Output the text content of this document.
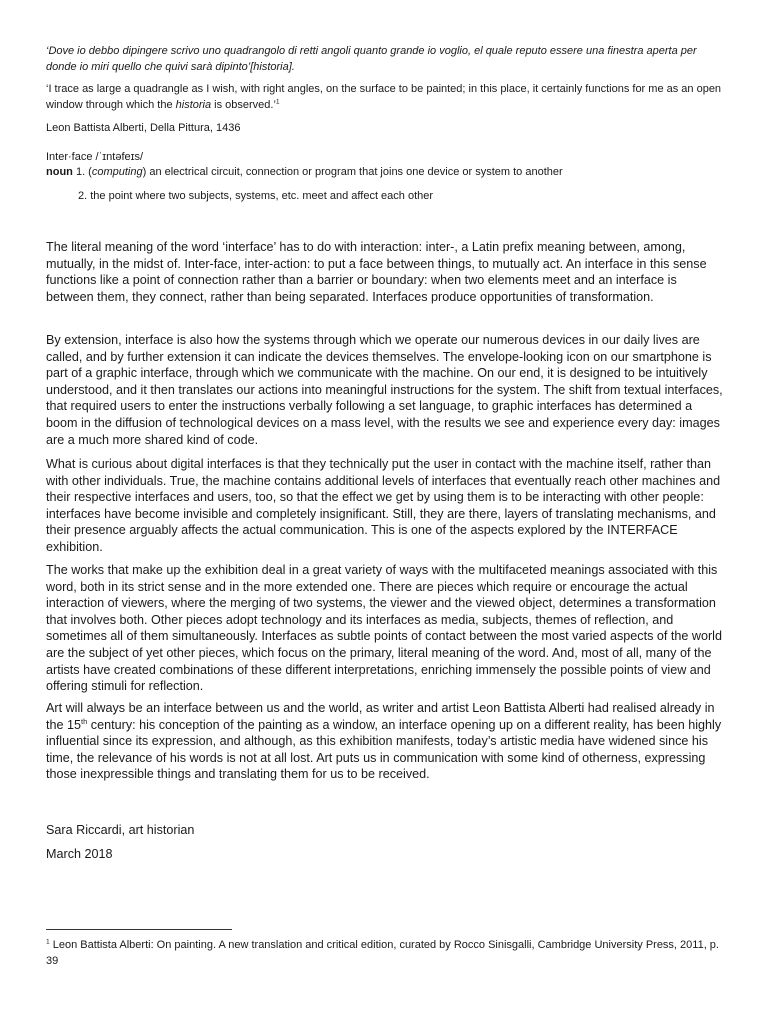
‘Dove io debbo dipingere scrivo uno quadrangolo di retti angoli quanto grande io voglio, el quale reputo essere una finestra aperta per donde io miri quello che quivi sarà dipinto’[historia].

‘I trace as large a quadrangle as I wish, with right angles, on the surface to be painted; in this place, it certainly functions for me as an open window through which the historia is observed.’$^1$

Leon Battista Alberti, Della Pittura, 1436

Inter·face /ˈɪntəfeɪs/

noun 1. (computing) an electrical circuit, connection or program that joins one device or system to another

2. the point where two subjects, systems, etc. meet and affect each other

The literal meaning of the word ‘interface’ has to do with interaction: inter-, a Latin prefix meaning between, among, mutually, in the midst of. Inter-face, inter-action: to put a face between things, to mutually act. An interface in this sense functions like a point of connection rather than a barrier or boundary: when two elements meet and an interface is between them, they connect, rather than being separated. Interfaces produce opportunities of transformation.

By extension, interface is also how the systems through which we operate our numerous devices in our daily lives are called, and by further extension it can indicate the devices themselves. The envelope-looking icon on our smartphone is part of a graphic interface, through which we communicate with the machine. On our end, it is designed to be intuitively understood, and it then translates our actions into meaningful instructions for the system. The shift from textual interfaces, that required users to enter the instructions verbally following a set language, to graphic interfaces has determined a boom in the diffusion of technological devices on a mass level, with the results we see and experience every day: images are a much more shared kind of code.

What is curious about digital interfaces is that they technically put the user in contact with the machine itself, rather than with other individuals. True, the machine contains additional levels of interfaces that eventually reach other machines and their respective interfaces and users, too, so that the effect we get by using them is to be interacting with other people: interfaces have become invisible and completely insignificant. Still, they are there, layers of translating mechanisms, and their presence arguably affects the actual communication. This is one of the aspects explored by the INTERFACE exhibition.

The works that make up the exhibition deal in a great variety of ways with the multifaceted meanings associated with this word, both in its strict sense and in the more extended one. There are pieces which require or encourage the actual interaction of viewers, where the merging of two systems, the viewer and the viewed object, determines a transformation that involves both. Other pieces adopt technology and its interfaces as media, subjects, themes of reflection, and sometimes all of them simultaneously. Interfaces as subtle points of contact between the most varied aspects of the world are the subject of yet other pieces, which focus on the primary, literal meaning of the word. And, most of all, many of the artists have created combinations of these different interpretations, enriching immensely the possible points of view and offering stimuli for reflection.

Art will always be an interface between us and the world, as writer and artist Leon Battista Alberti had realised already in the 15th century: his conception of the painting as a window, an interface opening up on a different reality, has been highly influential since its expression, and although, as this exhibition manifests, today’s artistic media have widened since his time, the relevance of his words is not at all lost. Art puts us in communication with some kind of otherness, expressing those inexpressible things and translating them for us to be received.

Sara Riccardi, art historian

March 2018

$^1$ Leon Battista Alberti: On painting. A new translation and critical edition, curated by Rocco Sinisgalli, Cambridge University Press, 2011, p. 39
